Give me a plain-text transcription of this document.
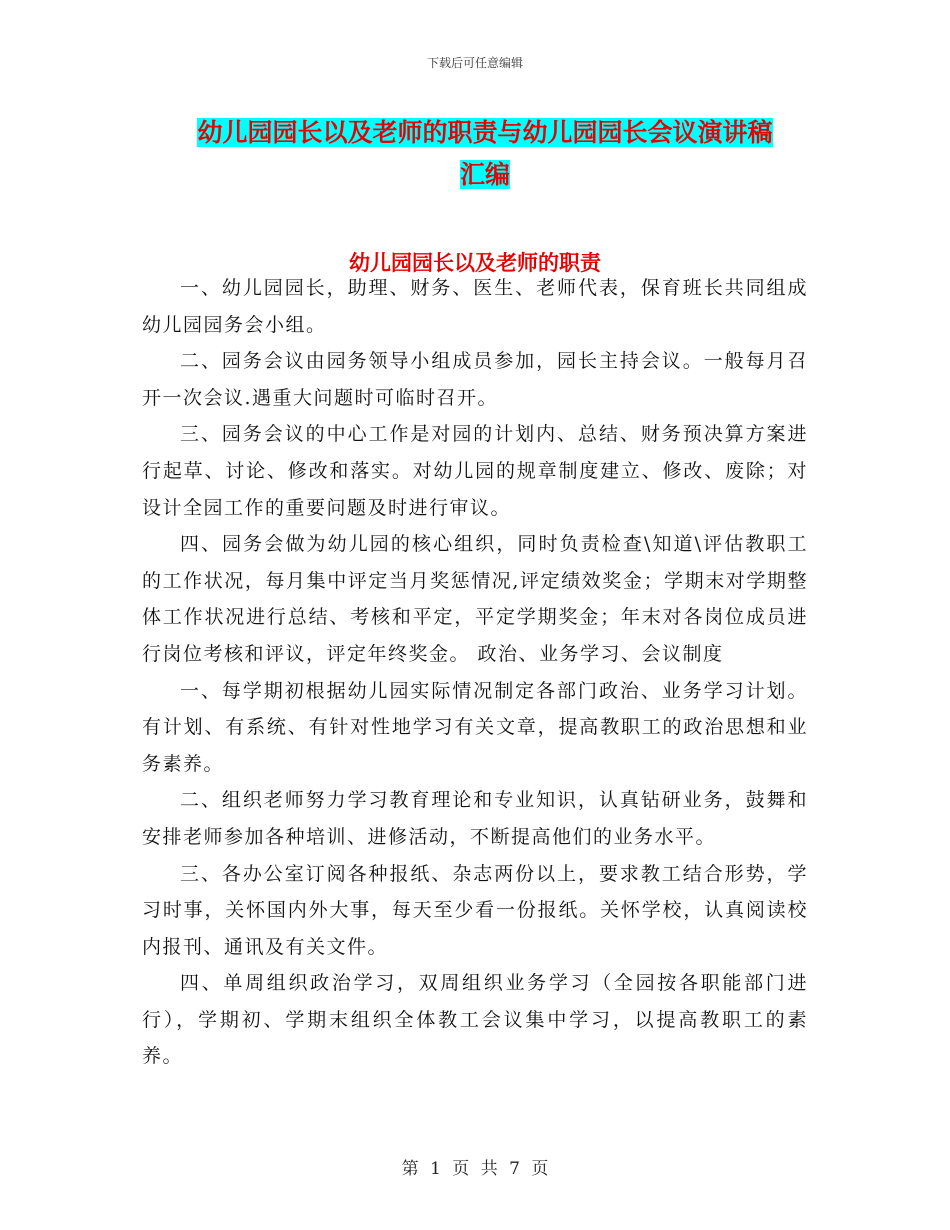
下载后可任意编辑
幼儿园园长以及老师的职责与幼儿园园长会议演讲稿
汇编
幼儿园园长以及老师的职责

一、幼儿园园长，助理、财务、医生、老师代表，保育班长共同组成幼儿园园务会小组。

二、园务会议由园务领导小组成员参加，园长主持会议。一般每月召开一次会议.遇重大问题时可临时召开。

三、园务会议的中心工作是对园的计划内、总结、财务预决算方案进行起草、讨论、修改和落实。对幼儿园的规章制度建立、修改、废除；对设计全园工作的重要问题及时进行审议。

四、园务会做为幼儿园的核心组织，同时负责检查\知道\评估教职工的工作状况，每月集中评定当月奖惩情况,评定绩效奖金；学期末对学期整体工作状况进行总结、考核和平定，平定学期奖金；年末对各岗位成员进行岗位考核和评议，评定年终奖金。 政治、业务学习、会议制度

一、每学期初根据幼儿园实际情况制定各部门政治、业务学习计划。有计划、有系统、有针对性地学习有关文章，提高教职工的政治思想和业务素养。

二、组织老师努力学习教育理论和专业知识，认真钻研业务，鼓舞和安排老师参加各种培训、进修活动，不断提高他们的业务水平。

三、各办公室订阅各种报纸、杂志两份以上，要求教工结合形势，学习时事，关怀国内外大事，每天至少看一份报纸。关怀学校，认真阅读校内报刊、通讯及有关文件。

四、单周组织政治学习，双周组织业务学习（全园按各职能部门进行），学期初、学期末组织全体教工会议集中学习，以提高教职工的素养。

第 1 页 共 7 页
